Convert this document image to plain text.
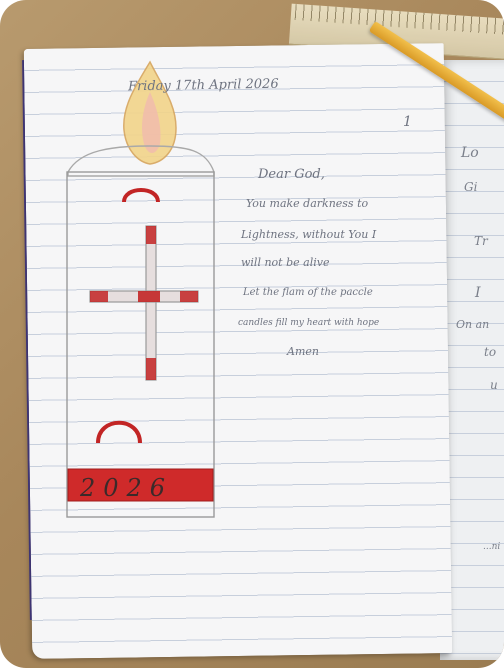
2026
Friday 17th April 2026
1
Dear God,
You make darkness to
Lightness, without You I
will not be alive
Let the flam of the paccle
candles fill my heart with hope
Amen
Lo
Gi
Tr
I
On an
to
u
...ni
